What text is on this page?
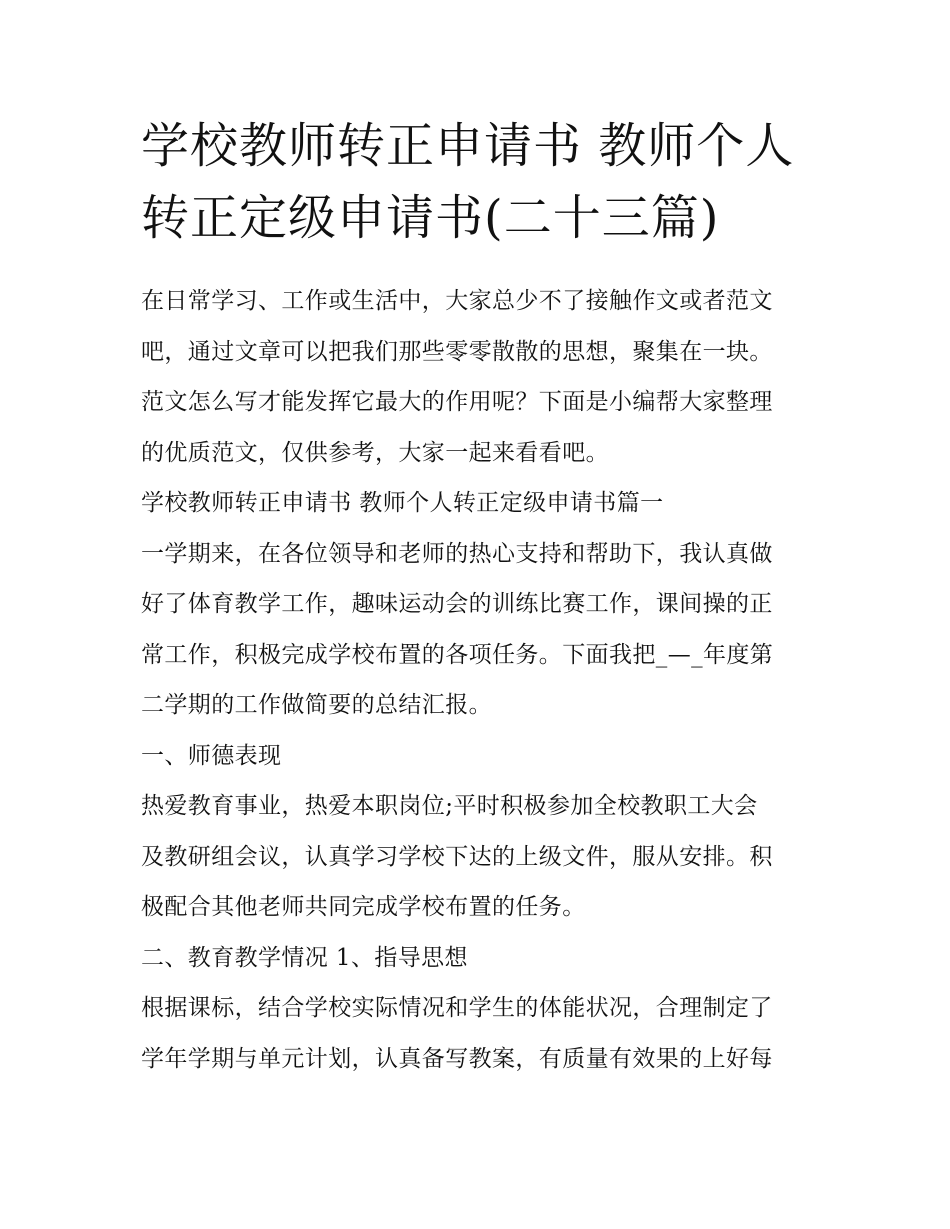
学校教师转正申请书 教师个人
转正定级申请书(二十三篇)
在日常学习、工作或生活中，大家总少不了接触作文或者范文
吧，通过文章可以把我们那些零零散散的思想，聚集在一块。
范文怎么写才能发挥它最大的作用呢？下面是小编帮大家整理
的优质范文，仅供参考，大家一起来看看吧。
学校教师转正申请书 教师个人转正定级申请书篇一
一学期来，在各位领导和老师的热心支持和帮助下，我认真做
好了体育教学工作，趣味运动会的训练比赛工作，课间操的正
常工作，积极完成学校布置的各项任务。下面我把_—_年度第
二学期的工作做简要的总结汇报。
一、师德表现
热爱教育事业，热爱本职岗位;平时积极参加全校教职工大会
及教研组会议，认真学习学校下达的上级文件，服从安排。积
极配合其他老师共同完成学校布置的任务。
二、教育教学情况 1、指导思想
根据课标，结合学校实际情况和学生的体能状况，合理制定了
学年学期与单元计划，认真备写教案，有质量有效果的上好每
